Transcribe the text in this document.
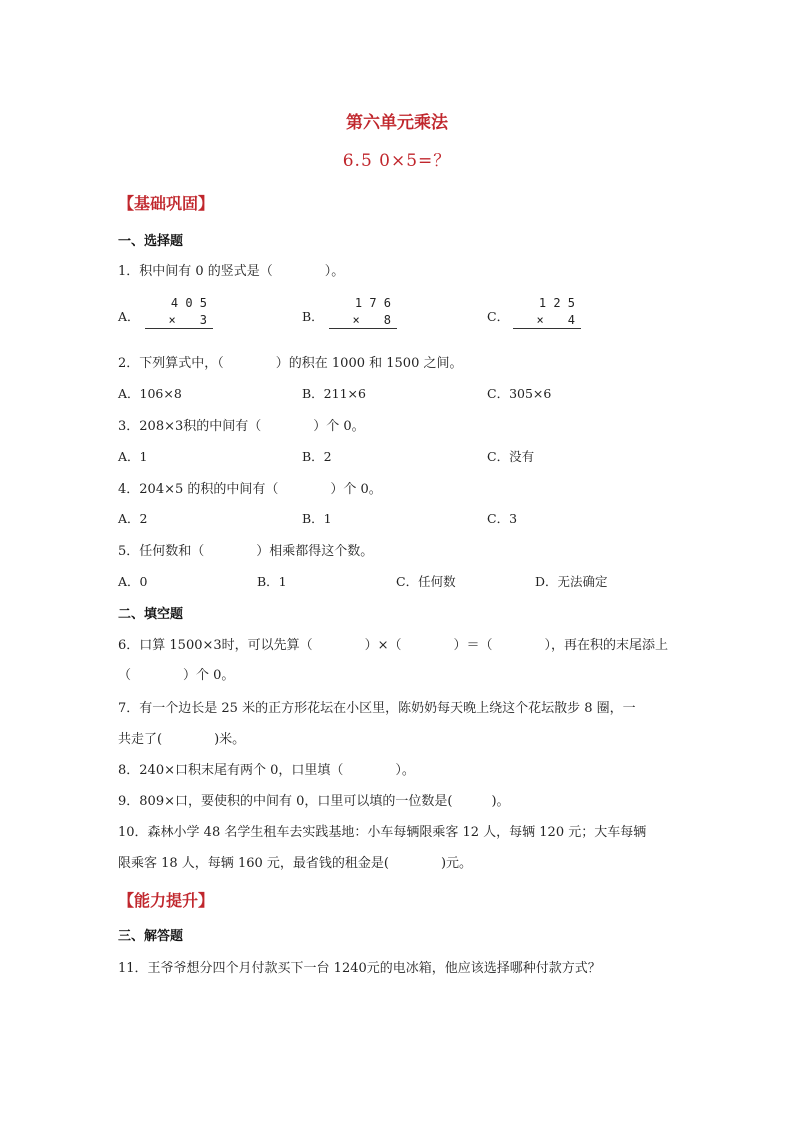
第六单元乘法
6.5 0×5=？
【基础巩固】
一、选择题
1．积中间有 0 的竖式是（　　　　）。
A．
4 0 5
×　　3	B．
1 7 6
×　　8	C．
1 2 5
×　　4
2．下列算式中，（　　　　）的积在 1000 和 1500 之间。
A．106×8	B．211×6	C．305×6
3．208×3积的中间有（　　　　）个 0。
A．1	B．2	C．没有
4．204×5 的积的中间有（　　　　）个 0。
A．2	B．1	C．3
5．任何数和（　　　　）相乘都得这个数。
A．0	B．1	C．任何数	D．无法确定
二、填空题
6．口算 1500×3时，可以先算（　　　　）×（　　　　）＝（　　　　），再在积的末尾添上
（　　　　）个 0。
7．有一个边长是 25 米的正方形花坛在小区里，陈奶奶每天晚上绕这个花坛散步 8 圈，一
共走了(　　　　)米。
8．240×口积末尾有两个 0，口里填（　　　　）。
9．809×口，要使积的中间有 0，口里可以填的一位数是(　　　)。
10．森林小学 48 名学生租车去实践基地：小车每辆限乘客 12 人，每辆 120 元；大车每辆
限乘客 18 人，每辆 160 元，最省钱的租金是(　　　　)元。
【能力提升】
三、解答题
11．王爷爷想分四个月付款买下一台 1240元的电冰箱，他应该选择哪种付款方式？
